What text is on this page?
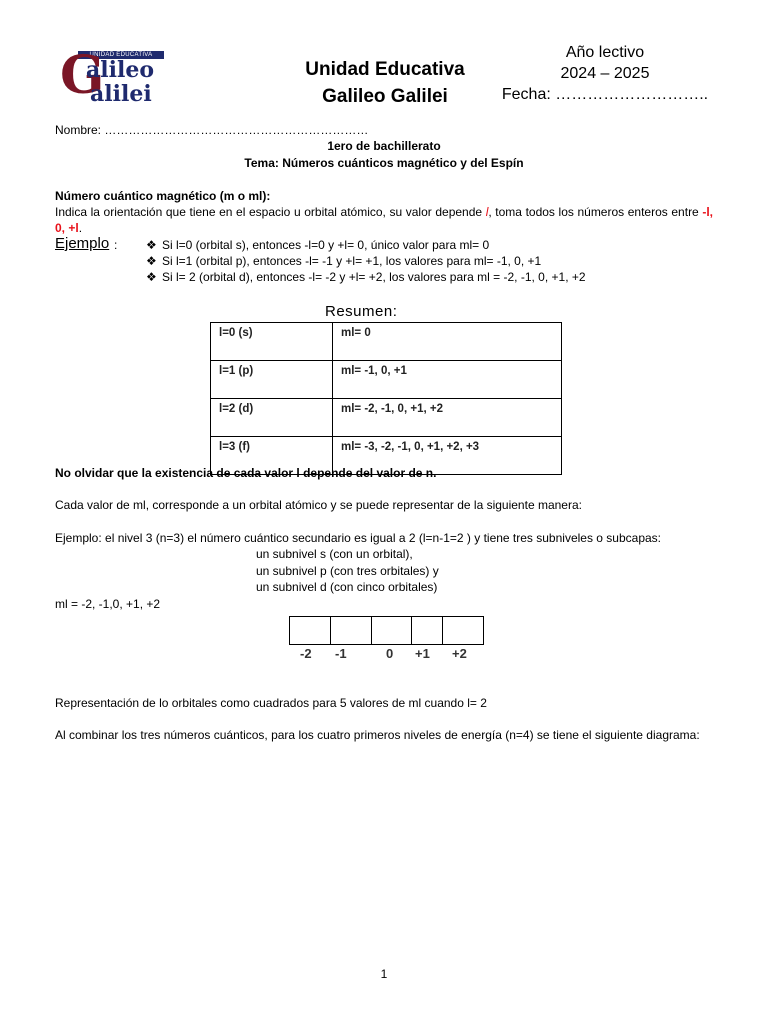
UNIDAD EDUCATIVA
G
alileo
alilei
Unidad Educativa
Galileo Galilei
Año lectivo
2024 – 2025
Fecha: ………………………..
Nombre: …………………………………………………………
1ero de bachillerato
Tema: Números cuánticos magnético y del Espín
Número cuántico magnético (m o ml):
Indica la orientación que tiene en el espacio u orbital atómico, su valor depende l, toma todos los números enteros entre -l, 0, +l.
Ejemplo : ❖ Si l=0 (orbital s), entonces -l=0 y +l= 0, único valor para ml= 0
❖ Si l=1 (orbital p), entonces -l= -1 y +l= +1, los valores para ml= -1, 0, +1
❖ Si l= 2 (orbital d), entonces -l= -2 y +l= +2, los valores para ml = -2, -1, 0, +1, +2
Resumen:
l=0 (s)	ml= 0
l=1 (p)	ml= -1, 0, +1
l=2 (d)	ml= -2, -1, 0, +1, +2
l=3 (f)	ml= -3, -2, -1, 0, +1, +2, +3
No olvidar que la existencia de cada valor l depende del valor de n.
Cada valor de ml, corresponde a un orbital atómico y se puede representar de la siguiente manera:
Ejemplo: el nivel 3 (n=3) el número cuántico secundario es igual a 2 (l=n-1=2 ) y tiene tres subniveles o subcapas:
un subnivel s (con un orbital),
un subnivel p (con tres orbitales) y
un subnivel d (con cinco orbitales)
ml = -2, -1,0, +1, +2
-2 -1	0 +1 +2
Representación de lo orbitales como cuadrados para 5 valores de ml cuando l= 2
Al combinar los tres números cuánticos, para los cuatro primeros niveles de energía (n=4) se tiene el siguiente diagrama:
1
